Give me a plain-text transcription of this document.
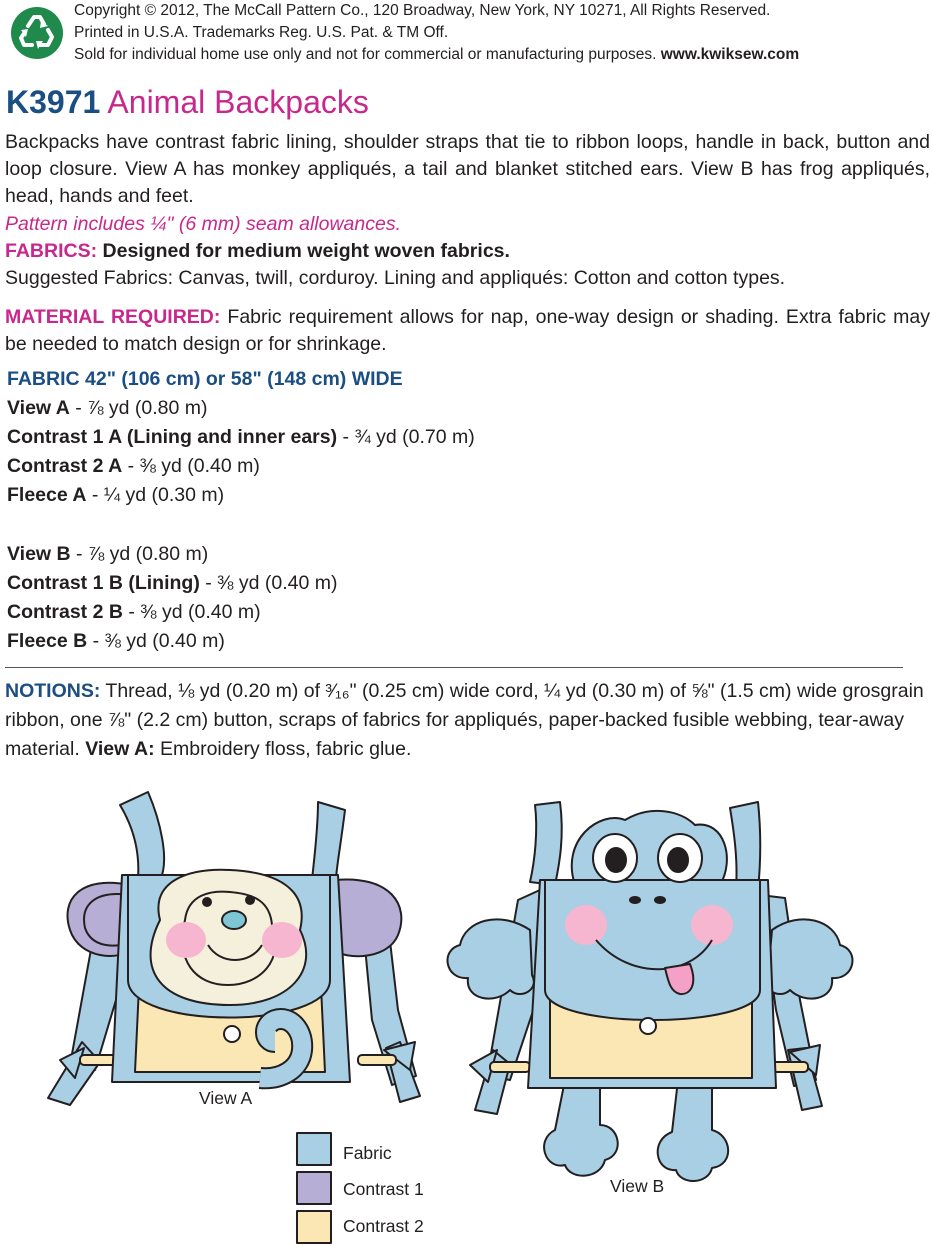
Copyright © 2012, The McCall Pattern Co., 120 Broadway, New York, NY 10271, All Rights Reserved.
Printed in U.S.A. Trademarks Reg. U.S. Pat. & TM Off.
Sold for individual home use only and not for commercial or manufacturing purposes. www.kwiksew.com
K3971 Animal Backpacks
Backpacks have contrast fabric lining, shoulder straps that tie to ribbon loops, handle in back, button and loop closure. View A has monkey appliqués, a tail and blanket stitched ears. View B has frog appliqués, head, hands and feet.
Pattern includes ¼" (6 mm) seam allowances.
FABRICS: Designed for medium weight woven fabrics.
Suggested Fabrics: Canvas, twill, corduroy. Lining and appliqués: Cotton and cotton types.
MATERIAL REQUIRED: Fabric requirement allows for nap, one-way design or shading. Extra fabric may be needed to match design or for shrinkage.
FABRIC 42" (106 cm) or 58" (148 cm) WIDE
View A - ⅞ yd (0.80 m)
Contrast 1 A (Lining and inner ears) - ¾ yd (0.70 m)
Contrast 2 A - ⅜ yd (0.40 m)
Fleece A - ¼ yd (0.30 m)
View B - ⅞ yd (0.80 m)
Contrast 1 B (Lining) - ⅜ yd (0.40 m)
Contrast 2 B - ⅜ yd (0.40 m)
Fleece B - ⅜ yd (0.40 m)
NOTIONS: Thread, ⅛ yd (0.20 m) of ³⁄₁₆" (0.25 cm) wide cord, ¼ yd (0.30 m) of ⅝" (1.5 cm) wide grosgrain ribbon, one ⅞" (2.2 cm) button, scraps of fabrics for appliqués, paper-backed fusible webbing, tear-away material. View A: Embroidery floss, fabric glue.
View A
View B
Fabric
Contrast 1
Contrast 2
